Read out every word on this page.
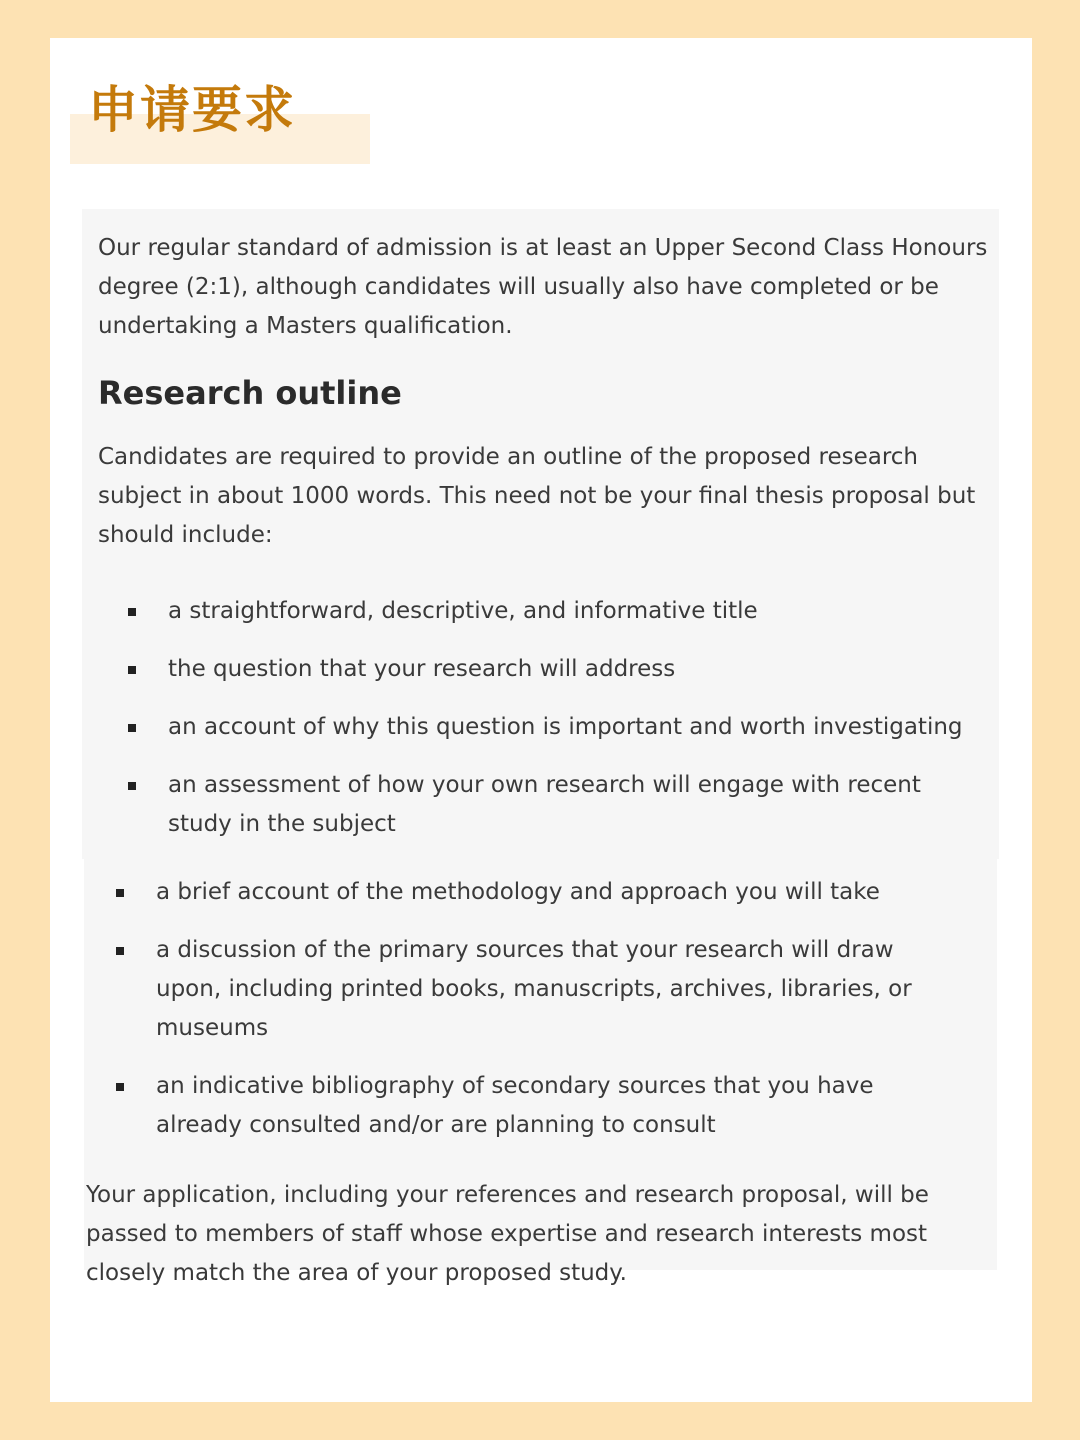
申请要求

Our regular standard of admission is at least an Upper Second Class Honours degree (2:1), although candidates will usually also have completed or be undertaking a Masters qualification.

Research outline

Candidates are required to provide an outline of the proposed research subject in about 1000 words. This need not be your final thesis proposal but should include:

a straightforward, descriptive, and informative title
the question that your research will address
an account of why this question is important and worth investigating
an assessment of how your own research will engage with recent study in the subject
a brief account of the methodology and approach you will take
a discussion of the primary sources that your research will draw upon, including printed books, manuscripts, archives, libraries, or museums
an indicative bibliography of secondary sources that you have already consulted and/or are planning to consult

Your application, including your references and research proposal, will be passed to members of staff whose expertise and research interests most closely match the area of your proposed study.
